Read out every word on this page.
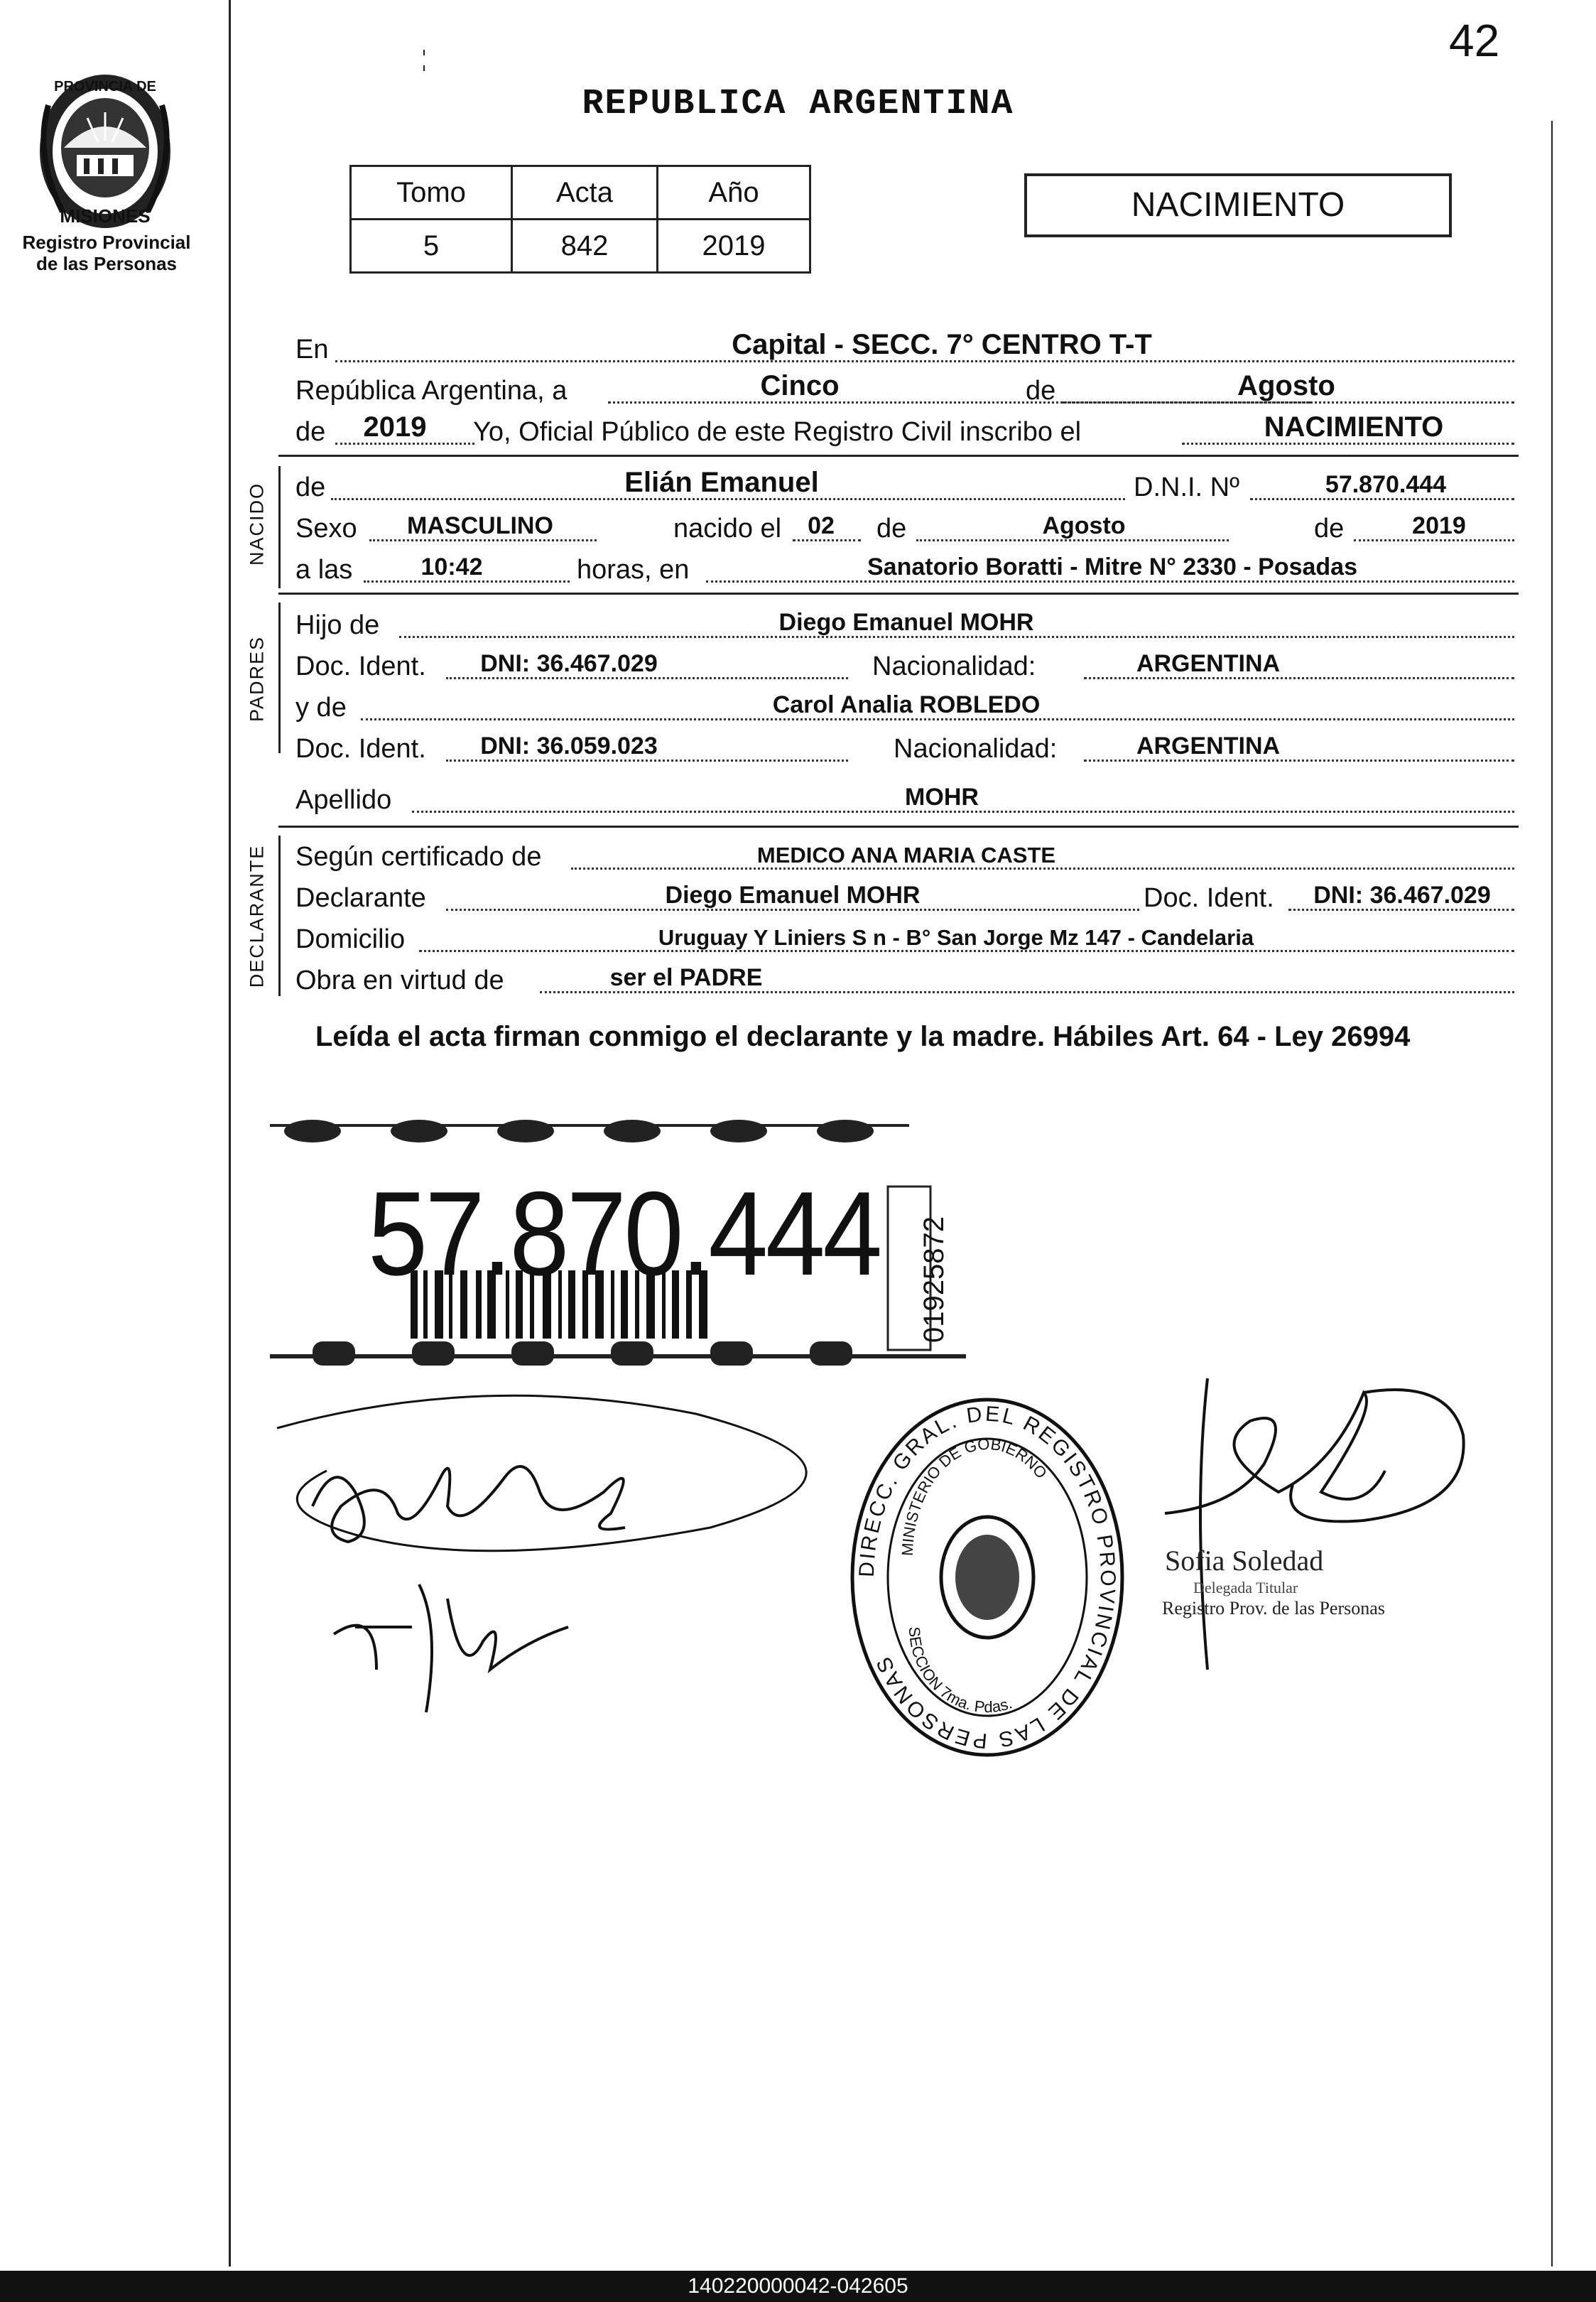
42
PROVINCIA DE
MISIONES
Registro Provincial
de las Personas
REPUBLICA ARGENTINA
Tomo	Acta	Año
5	842	2019
NACIMIENTO
En	Capital - SECC. 7° CENTRO T-T
República Argentina, a	Cinco	de	Agosto
de	2019	Yo, Oficial Público de este Registro Civil inscribo el	NACIMIENTO
NACIDO de	Elián Emanuel	D.N.I. Nº	57.870.444
Sexo	MASCULINO	nacido el	02	de	Agosto	de	2019
a las	10:42	horas, en	Sanatorio Boratti - Mitre N° 2330 - Posadas
PADRES
Hijo de	Diego Emanuel MOHR
Doc. Ident.	DNI: 36.467.029	Nacionalidad:	ARGENTINA
y de	Carol Analia ROBLEDO
Doc. Ident.	DNI: 36.059.023	Nacionalidad:	ARGENTINA
Apellido	MOHR
DECLARANTE Según certificado de	MEDICO ANA MARIA CASTE
Declarante	Diego Emanuel MOHR	Doc. Ident.	DNI: 36.467.029
Domicilio	Uruguay Y Liniers S n - B° San Jorge Mz 147 - Candelaria
Obra en virtud de	ser el PADRE
Leída el acta firman conmigo el declarante y la madre. Hábiles Art. 64 - Ley 26994
01925872
57.870.444
DIRECC. GRAL. DEL REGISTRO PROVINCIAL DE LAS PERSONAS
MINISTERIO DE GOBIERNO
SECCION 7ma. Pdas.
Sofia Soledad
Delegada Titular
Registro Prov. de las Personas
140220000042-042605
